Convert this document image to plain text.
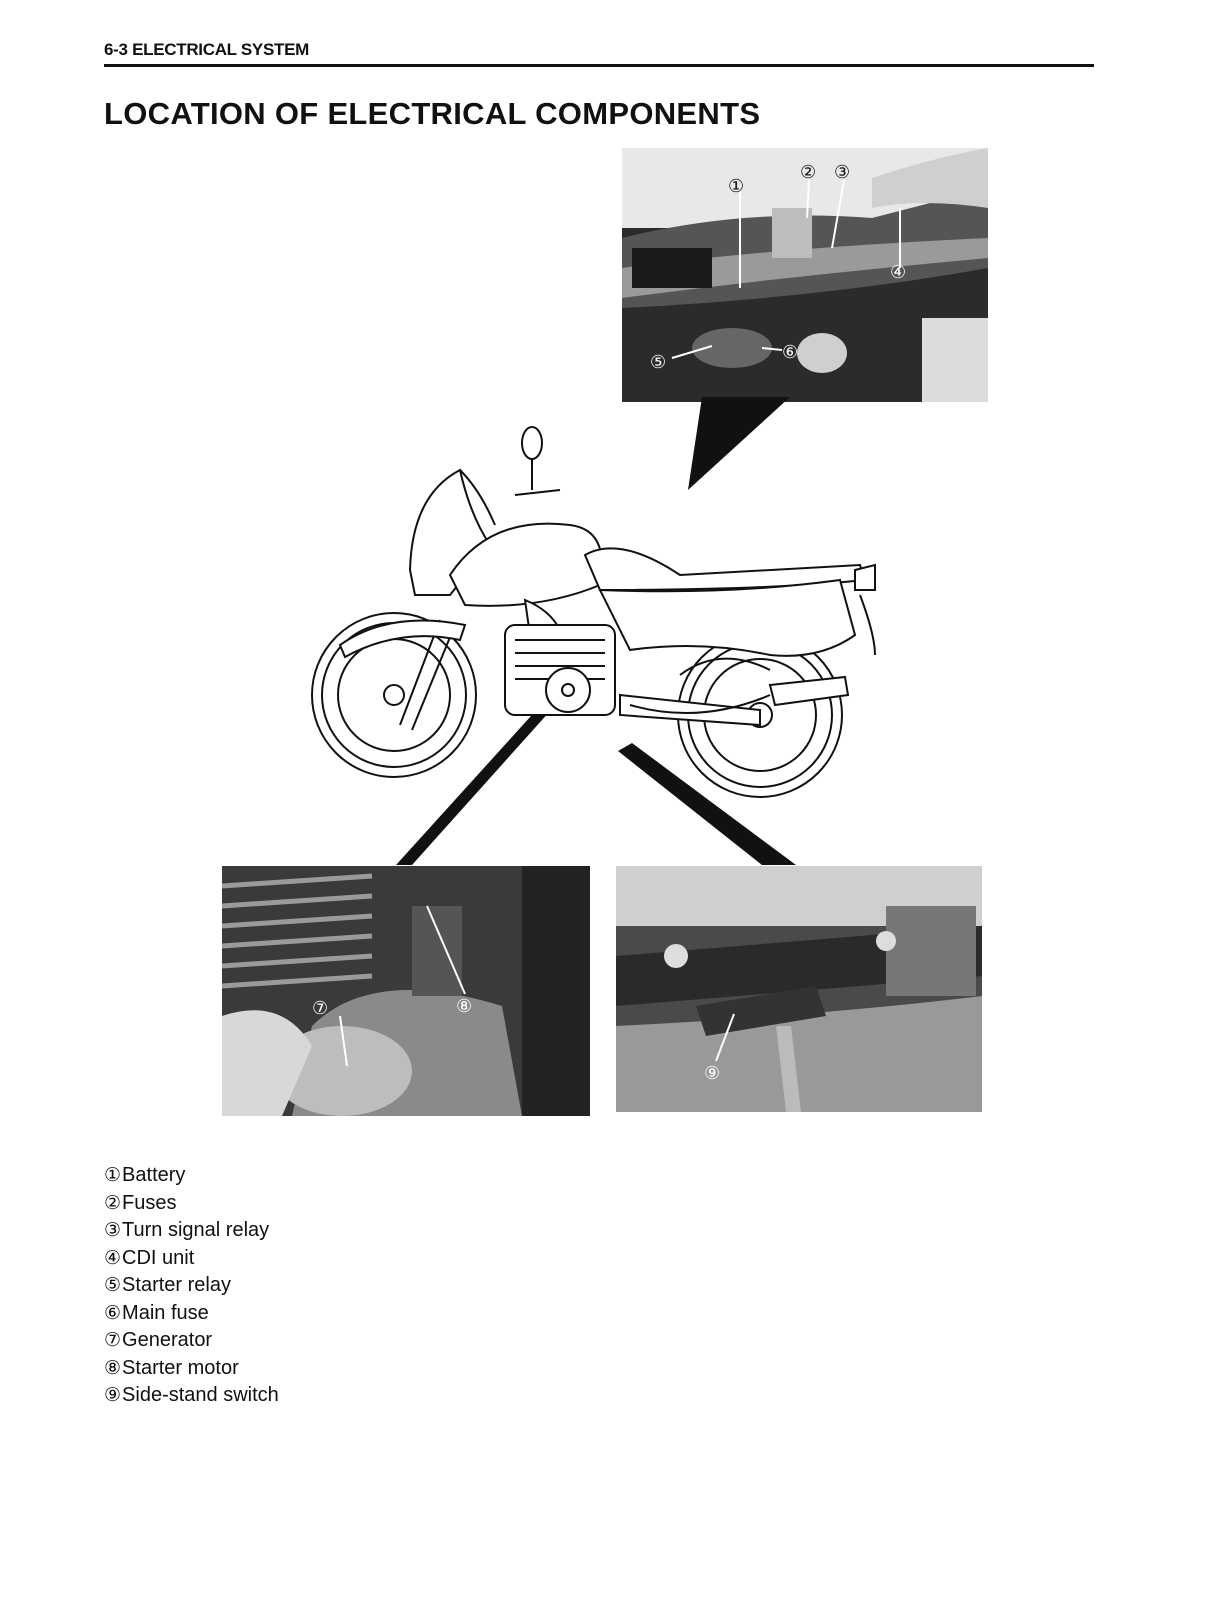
6-3 ELECTRICAL SYSTEM
LOCATION OF ELECTRICAL COMPONENTS
①
② ③
④
⑤	⑥
⑦	⑧
⑨
①Battery
②Fuses
③Turn signal relay
④CDI unit
⑤Starter relay
⑥Main fuse
⑦Generator
⑧Starter motor
⑨Side-stand switch
